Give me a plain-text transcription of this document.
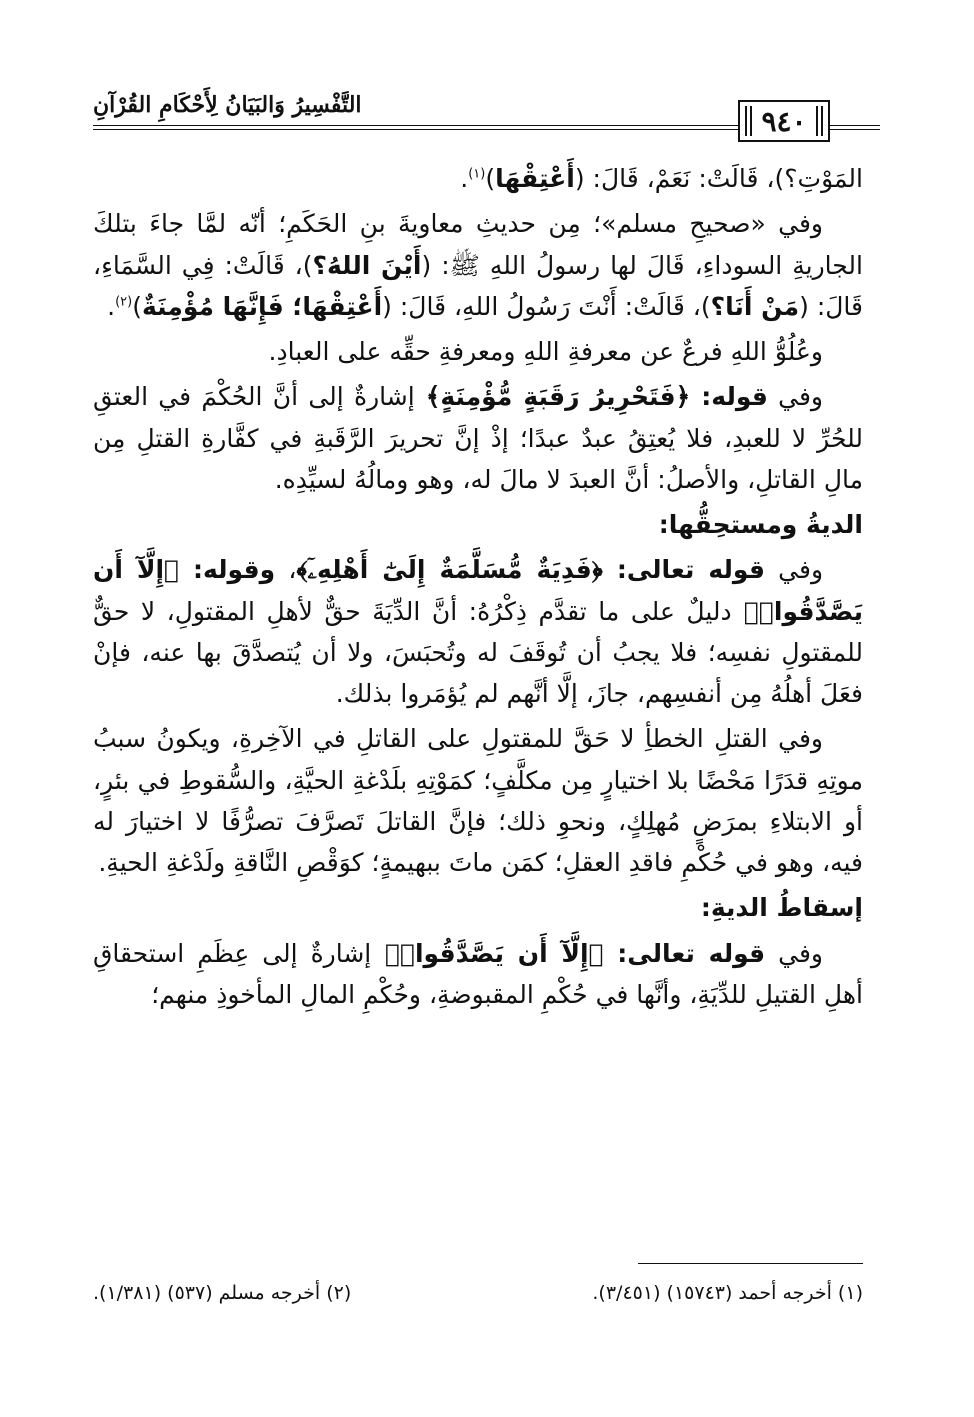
التَّفْسِيرُ وَالبَيَانُ لِأَحْكَامِ القُرْآنِ	٩٤٠

المَوْتِ؟)، قَالَتْ: نَعَمْ، قَالَ: (أَعْتِقْهَا)$^{(١)}$.

وفي «صحيحِ مسلم»؛ مِن حديثِ معاويةَ بنِ الحَكَمِ؛ أنّه لمَّا جاءَ بتلكَ الجاريةِ السوداءِ، قَالَ لها رسولُ اللهِ ﷺ: (أَيْنَ اللهُ؟)، قَالَتْ: فِي السَّمَاءِ، قَالَ: (مَنْ أَنَا؟)، قَالَتْ: أَنْتَ رَسُولُ اللهِ، قَالَ: (أَعْتِقْهَا؛ فَإِنَّهَا مُؤْمِنَةٌ)$^{(٢)}$.

وعُلُوُّ اللهِ فرعٌ عن معرفةِ اللهِ ومعرفةِ حقِّه على العبادِ.

وفي قوله: ﴿فَتَحْرِيرُ رَقَبَةٍ مُّؤْمِنَةٍ﴾ إشارةٌ إلى أنَّ الحُكْمَ في العتقِ للحُرِّ لا للعبدِ، فلا يُعتِقُ عبدٌ عبدًا؛ إذْ إنَّ تحريرَ الرَّقَبةِ في كفَّارةِ القتلِ مِن مالِ القاتلِ، والأصلُ: أنَّ العبدَ لا مالَ له، وهو ومالُهُ لسيِّدِه.

الديةُ ومستحِقُّها:

وفي قوله تعالى: ﴿فَدِيَةٌ مُّسَلَّمَةٌ إِلَىٰٓ أَهْلِهِۦٓ﴾، وقوله: ﴿إِلَّآ أَن يَصَّدَّقُوا۟﴾ دليلٌ على ما تقدَّم ذِكْرُهُ: أنَّ الدِّيَةَ حقٌّ لأهلِ المقتولِ، لا حقٌّ للمقتولِ نفسِه؛ فلا يجبُ أن تُوقَفَ له وتُحبَسَ، ولا أن يُتصدَّقَ بها عنه، فإنْ فعَلَ أهلُهُ مِن أنفسِهم، جازَ، إلَّا أنَّهم لم يُؤمَروا بذلك.

وفي القتلِ الخطأِ لا حَقَّ للمقتولِ على القاتلِ في الآخِرةِ، ويكونُ سببُ موتِهِ قدَرًا مَحْضًا بلا اختيارٍ مِن مكلَّفٍ؛ كمَوْتِهِ بلَدْغةِ الحيَّةِ، والسُّقوطِ في بئرٍ، أو الابتلاءِ بمرَضٍ مُهلِكٍ، ونحوِ ذلك؛ فإنَّ القاتلَ تَصرَّفَ تصرُّفًا لا اختيارَ له فيه، وهو في حُكْمِ فاقدِ العقلِ؛ كمَن ماتَ ببهيمةٍ؛ كوَقْصِ النَّاقةِ ولَدْغةِ الحيةِ.

إسقاطُ الديةِ:

وفي قوله تعالى: ﴿إِلَّآ أَن يَصَّدَّقُوا۟﴾ إشارةٌ إلى عِظَمِ استحقاقِ أهلِ القتيلِ للدِّيَةِ، وأنَّها في حُكْمِ المقبوضةِ، وحُكْمِ المالِ المأخوذِ منهم؛

(١) أخرجه أحمد (١٥٧٤٣) (٣/٤٥١).
(٢) أخرجه مسلم (٥٣٧) (١/٣٨١).
